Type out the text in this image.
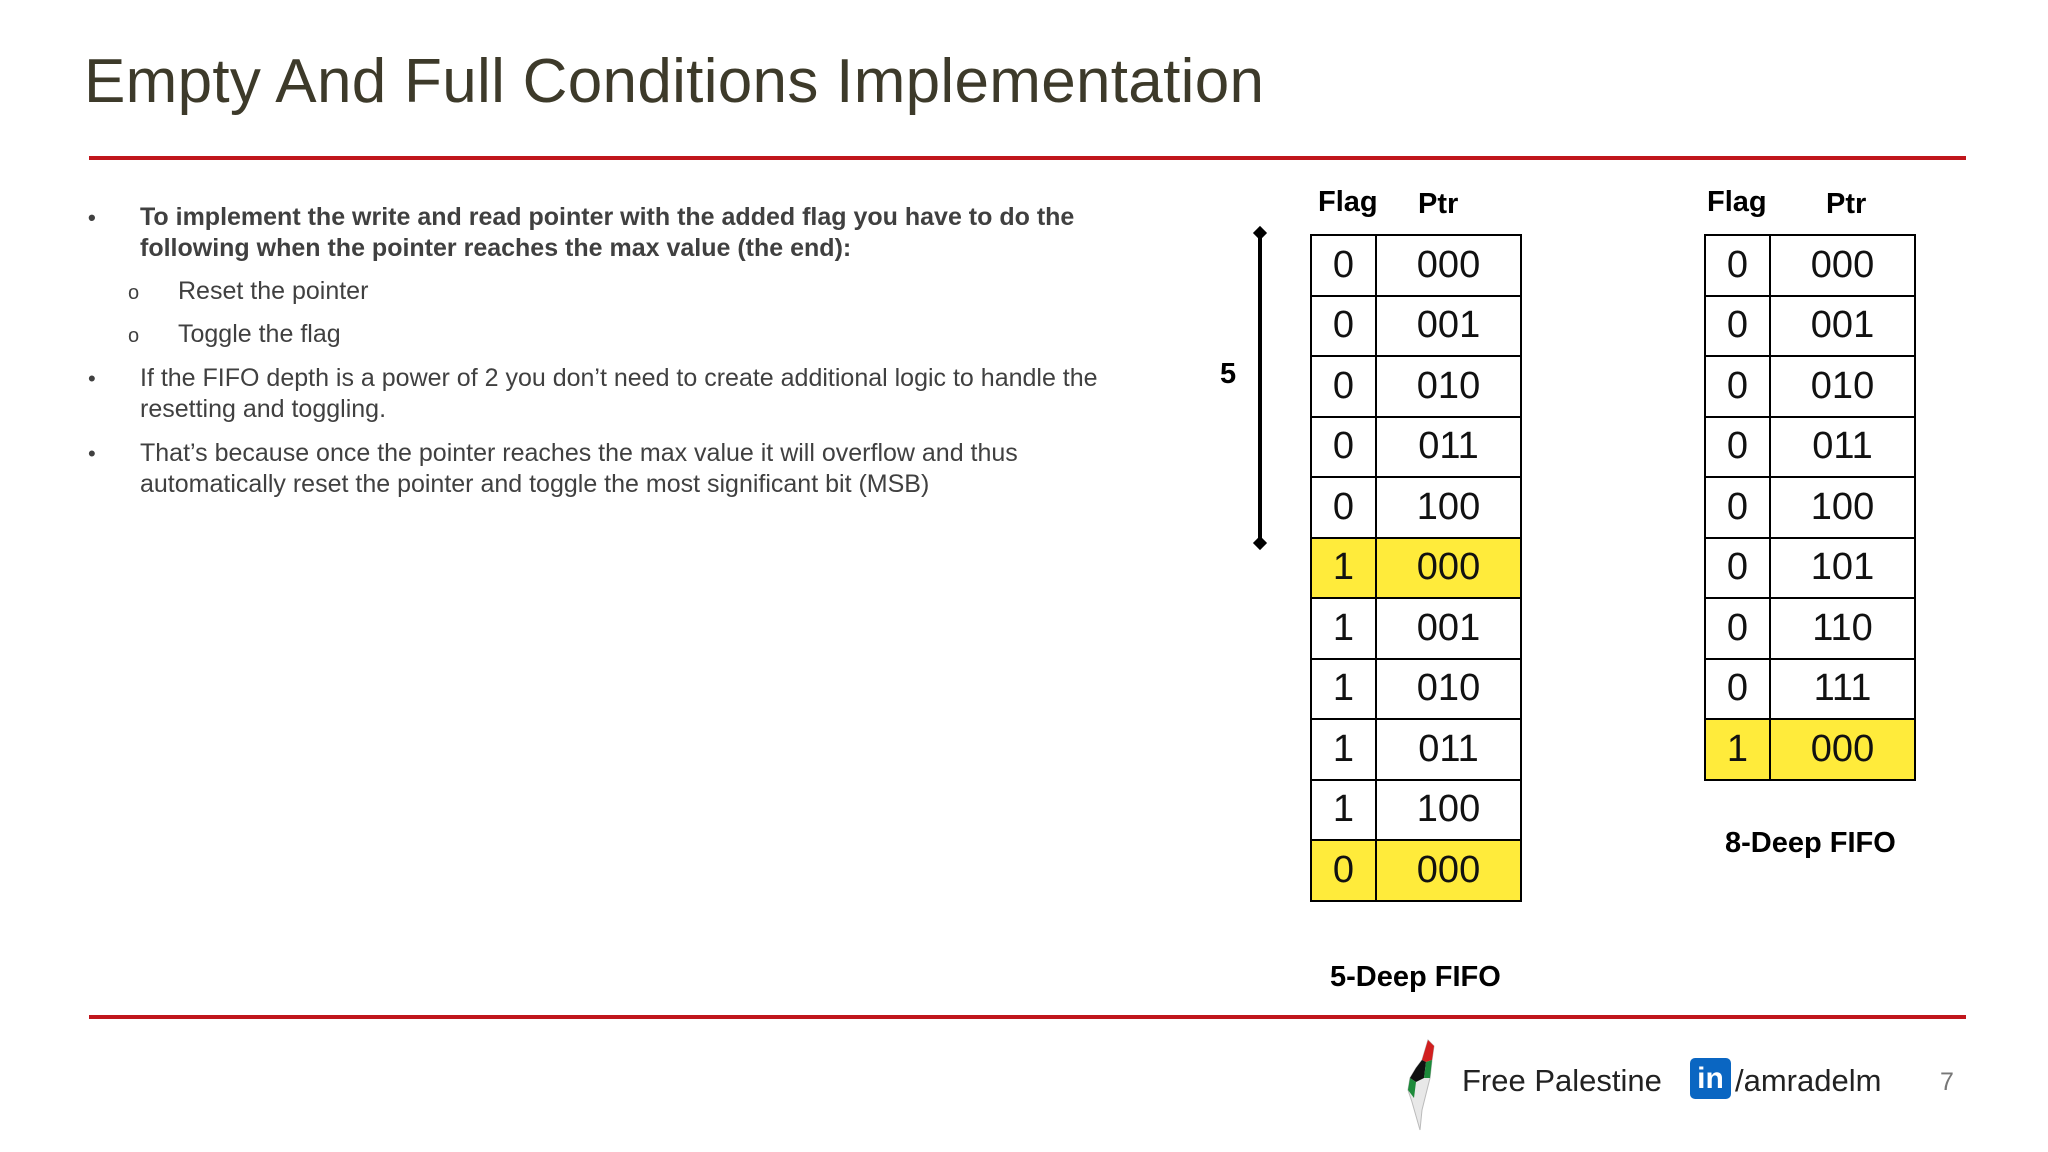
Empty And Full Conditions Implementation
• To implement the write and read pointer with the added flag you have to do the following when the pointer reaches the max value (the end):
o Reset the pointer
o Toggle the flag
• If the FIFO depth is a power of 2 you don’t need to create additional logic to handle the resetting and toggling.
• That’s because once the pointer reaches the max value it will overflow and thus automatically reset the pointer and toggle the most significant bit (MSB)
Flag Ptr
5
0	000
0	001
0	010
0	011
0	100
1	000
1	001
1	010
1	011
1	100
0	000
5-Deep FIFO
Flag Ptr
0	000
0	001
0	010
0	011
0	100
0	101
0	110
0	111
1	000
8-Deep FIFO
Free Palestine in /amradelm 7
